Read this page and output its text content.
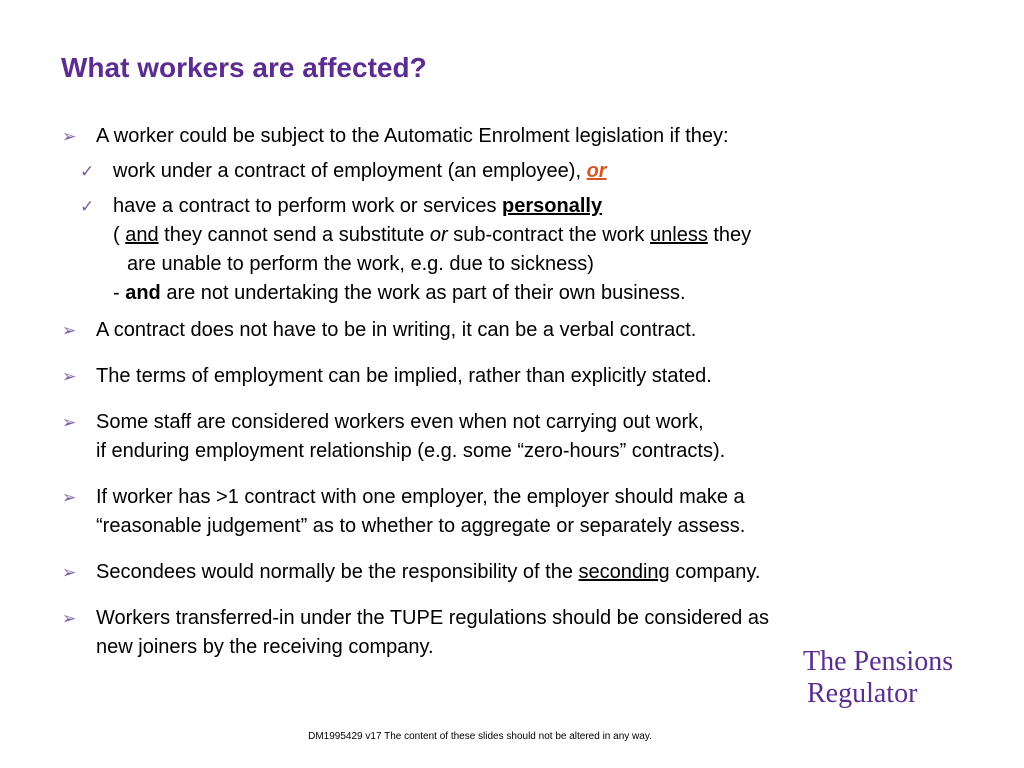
What workers are affected?
➢ A worker could be subject to the Automatic Enrolment legislation if they:
✓ work under a contract of employment (an employee), or
✓ have a contract to perform work or services personally
( and they cannot send a substitute or sub-contract the work unless they
are unable to perform the work, e.g. due to sickness)
- and are not undertaking the work as part of their own business.
➢ A contract does not have to be in writing, it can be a verbal contract.
➢ The terms of employment can be implied, rather than explicitly stated.
➢ Some staff are considered workers even when not carrying out work,
if enduring employment relationship (e.g. some “zero-hours” contracts).
➢ If worker has >1 contract with one employer, the employer should make a
“reasonable judgement” as to whether to aggregate or separately assess.
➢ Secondees would normally be the responsibility of the seconding company.
➢ Workers transferred-in under the TUPE regulations should be considered as
new joiners by the receiving company.	The Pensions
Regulator
DM1995429 v17 The content of these slides should not be altered in any way.
